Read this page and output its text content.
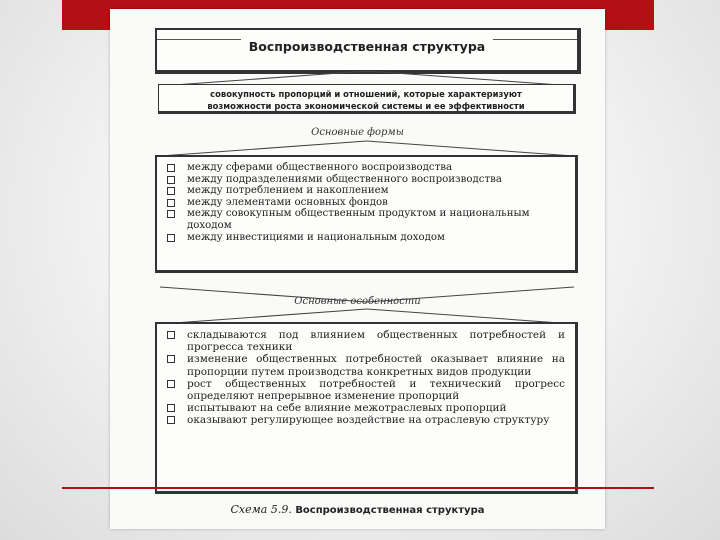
Воспроизводственная структура
совокупность пропорций и отношений, которые характеризуют
возможности роста экономической системы и ее эффективности
Основные формы
между сферами общественного воспроизводства
между подразделениями общественного воспроизводства
между потреблением и накоплением
между элементами основных фондов
между совокупным общественным продуктом и национальным доходом
между инвестициями и национальным доходом
Основные особенности
складываются под влиянием общественных потребностей и прогресса техники
изменение общественных потребностей оказывает влияние на пропорции путем производства конкретных видов продукции
рост общественных потребностей и технический прогресс определяют непрерывное изменение пропорций
испытывают на себе влияние межотраслевых пропорций
оказывают регулирующее воздействие на отраслевую структуру
Схема 5.9. Воспроизводственная структура
